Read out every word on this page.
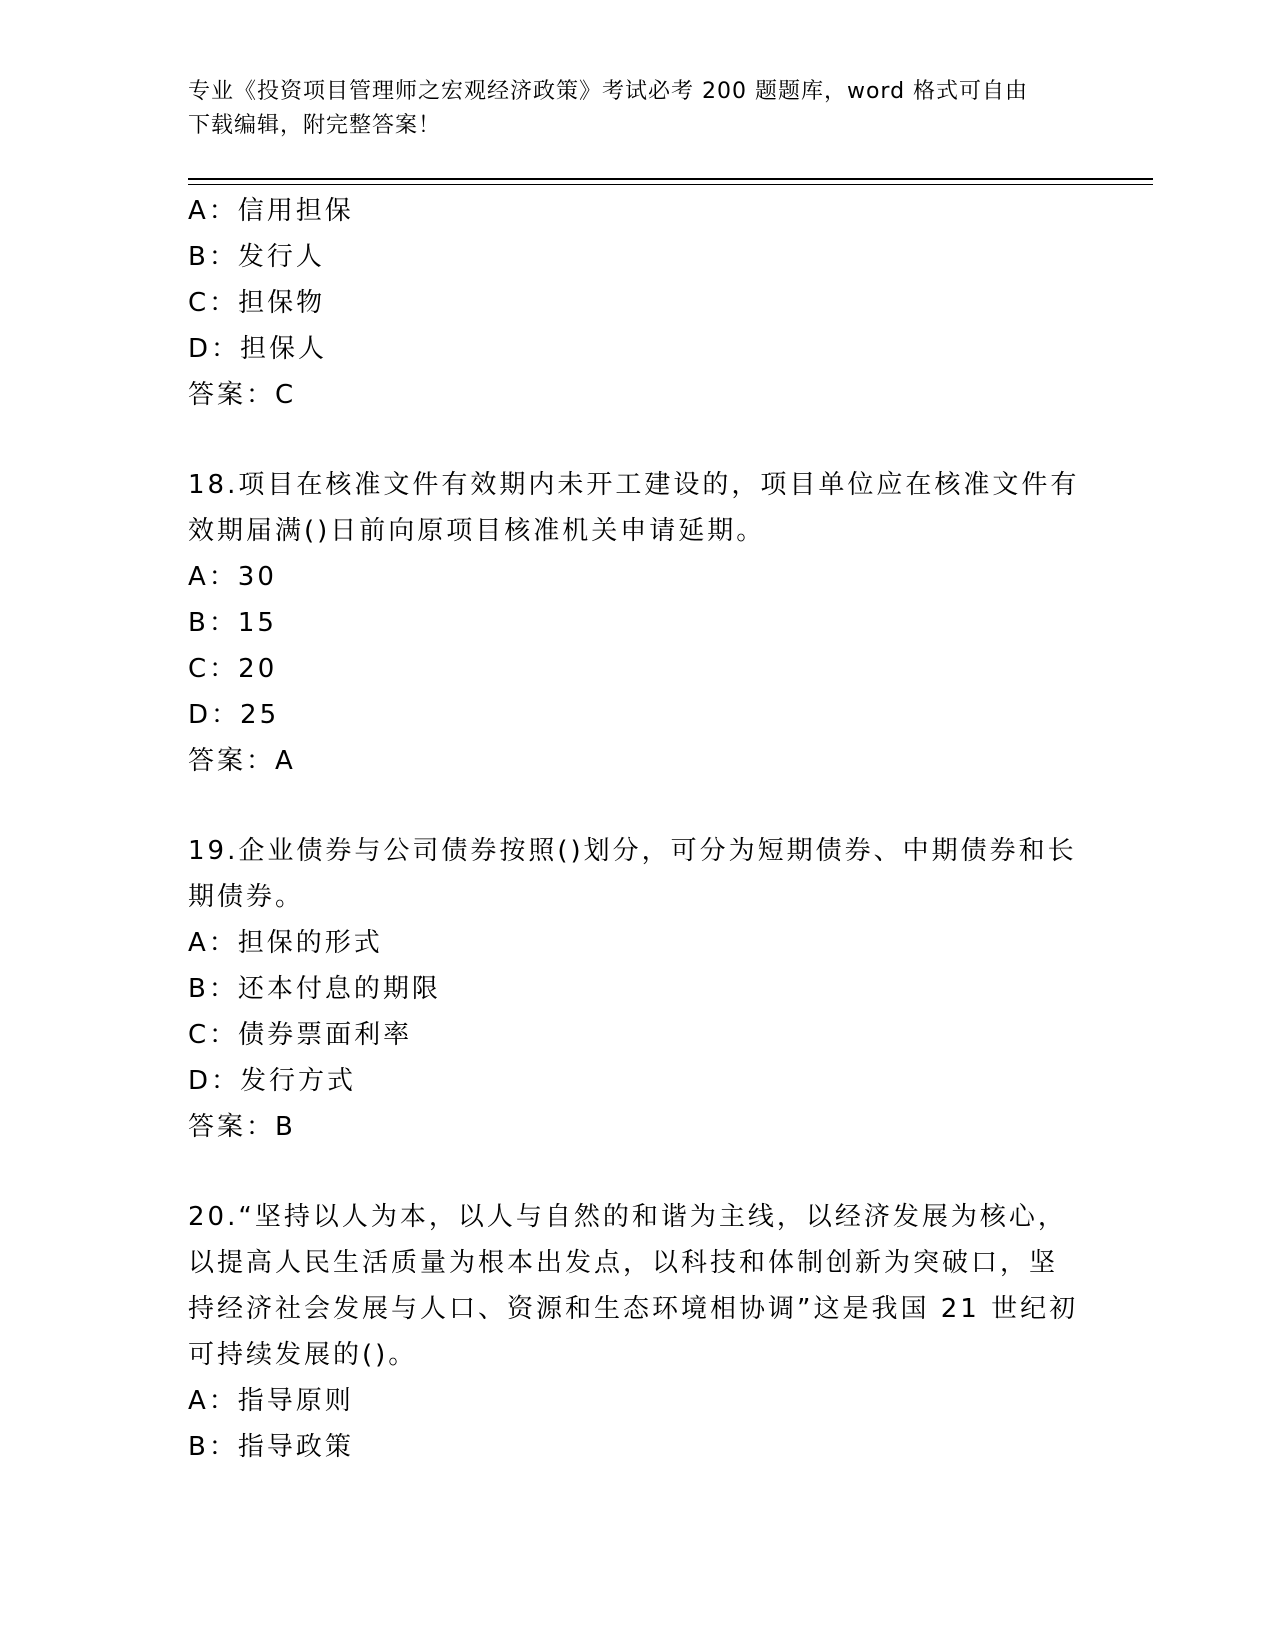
专业《投资项目管理师之宏观经济政策》考试必考 200 题题库，word 格式可自由
下载编辑，附完整答案！
A：信用担保
B：发行人
C：担保物
D：担保人
答案：C
18.项目在核准文件有效期内未开工建设的，项目单位应在核准文件有
效期届满()日前向原项目核准机关申请延期。
A：30
B：15
C：20
D：25
答案：A
19.企业债券与公司债券按照()划分，可分为短期债券、中期债券和长
期债券。
A：担保的形式
B：还本付息的期限
C：债券票面利率
D：发行方式
答案：B
20.“坚持以人为本，以人与自然的和谐为主线，以经济发展为核心，
以提高人民生活质量为根本出发点，以科技和体制创新为突破口，坚
持经济社会发展与人口、资源和生态环境相协调”这是我国 21 世纪初
可持续发展的()。
A：指导原则
B：指导政策
